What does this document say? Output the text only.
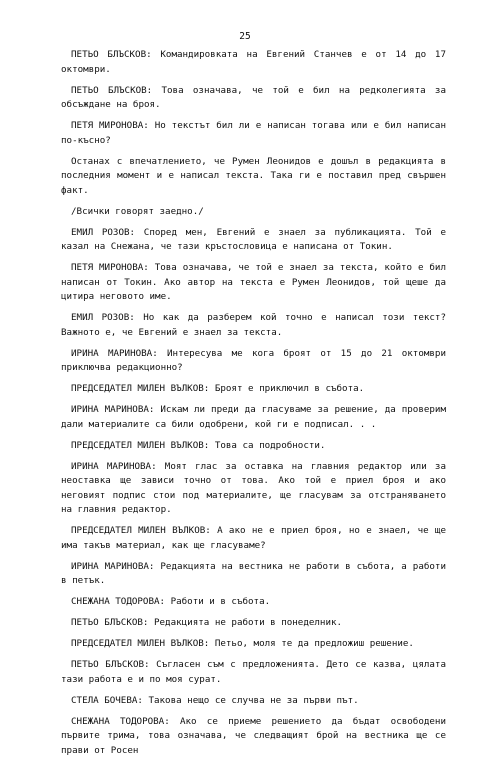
25

ПЕТЬО БЛЪСКОВ: Командировката на Евгений Станчев е от 14 до 17 октомври.

ПЕТЬО БЛЪСКОВ: Това означава, че той е бил на редколегията за обсъждане на броя.

ПЕТЯ МИРОНОВА: Но текстът бил ли е написан тогава или е бил написан по-късно?

Останах с впечатлението, че Румен Леонидов е дошъл в редакцията в последния момент и е написал текста. Така ги е поставил пред свършен факт.

/Всички говорят заедно./

ЕМИЛ РОЗОВ: Според мен, Евгений е знаел за публикацията. Той е казал на Снежана, че тази кръстословица е написана от Токин.

ПЕТЯ МИРОНОВА: Това означава, че той е знаел за текста, който е бил написан от Токин. Ако автор на текста е Румен Леонидов, той щеше да цитира неговото име.

ЕМИЛ РОЗОВ: Но как да разберем кой точно е написал този текст? Важното е, че Евгений е знаел за текста.

ИРИНА МАРИНОВА: Интересува ме кога броят от 15 до 21 октомври приключва редакционно?

ПРЕДСЕДАТЕЛ МИЛЕН ВЪЛКОВ: Броят е приключил в събота.

ИРИНА МАРИНОВА: Искам ли преди да гласуваме за решение, да проверим дали материалите са били одобрени, кой ги е подписал. . .

ПРЕДСЕДАТЕЛ МИЛЕН ВЪЛКОВ: Това са подробности.

ИРИНА МАРИНОВА: Моят глас за оставка на главния редактор или за неоставка ще зависи точно от това. Ако той е приел броя и ако неговият подпис стои под материалите, ще гласувам за отстраняването на главния редактор.

ПРЕДСЕДАТЕЛ МИЛЕН ВЪЛКОВ: А ако не е приел броя, но е знаел, че ще има такъв материал, как ще гласуваме?

ИРИНА МАРИНОВА: Редакцията на вестника не работи в събота, а работи в петък.

СНЕЖАНА ТОДОРОВА: Работи и в събота.

ПЕТЬО БЛЪСКОВ: Редакцията не работи в понеделник.

ПРЕДСЕДАТЕЛ МИЛЕН ВЪЛКОВ: Петьо, моля те да предложиш решение.

ПЕТЬО БЛЪСКОВ: Съгласен съм с предложенията. Дето се казва, цялата тази работа е и по моя сурат.

СТЕЛА БОЧЕВА: Такова нещо се случва не за първи път.

СНЕЖАНА ТОДОРОВА: Ако се приеме решението да бъдат освободени първите трима, това означава, че следващият брой на вестника ще се прави от Росен
